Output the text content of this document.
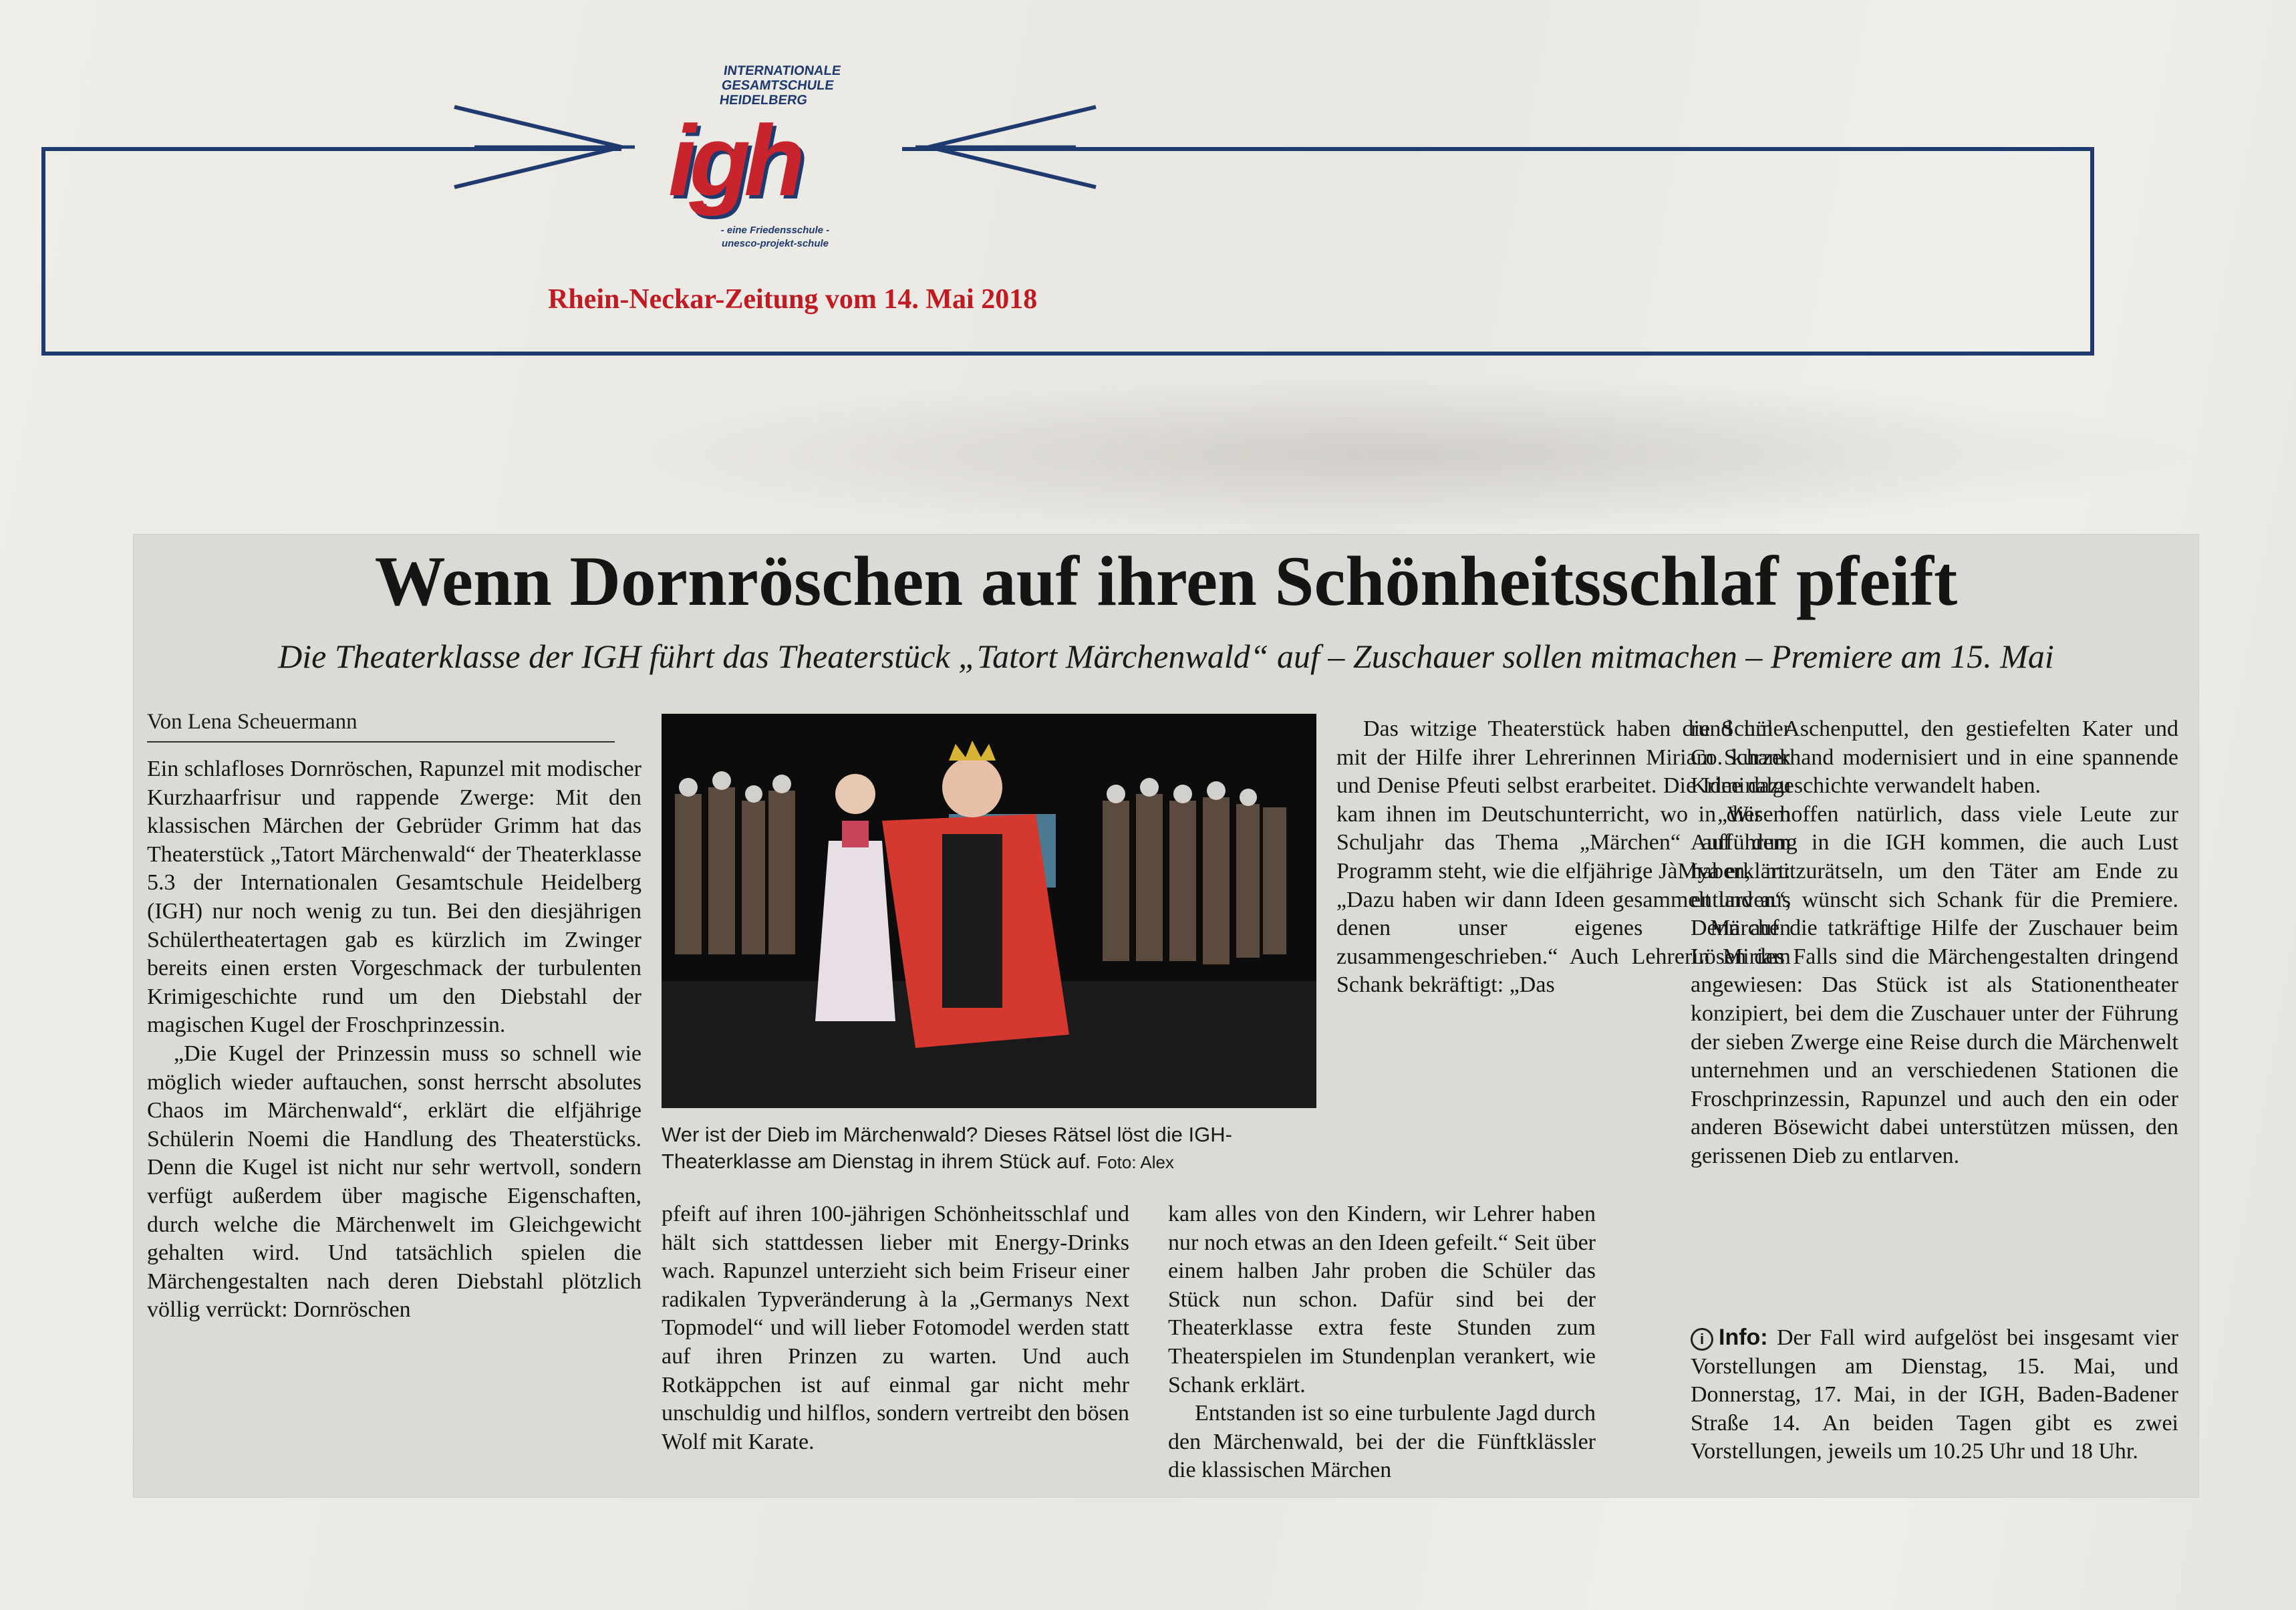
INTERNATIONALE GESAMTSCHULE HEIDELBERG
igh
- eine Friedensschule -
unesco-projekt-schule
Rhein-Neckar-Zeitung vom 14. Mai 2018
Wenn Dornröschen auf ihren Schönheitsschlaf pfeift
Die Theaterklasse der IGH führt das Theaterstück „Tatort Märchenwald“ auf – Zuschauer sollen mitmachen – Premiere am 15. Mai
Von Lena Scheuermann

Ein schlafloses Dornröschen, Rapunzel mit modischer Kurzhaarfrisur und rappende Zwerge: Mit den klassischen Märchen der Gebrüder Grimm hat das Theaterstück „Tatort Märchenwald“ der Theaterklasse 5.3 der Internationalen Gesamtschule Heidelberg (IGH) nur noch wenig zu tun. Bei den diesjährigen Schülertheatertagen gab es kürzlich im Zwinger bereits einen ersten Vorgeschmack der turbulenten Krimigeschichte rund um den Diebstahl der magischen Kugel der Froschprinzessin.

„Die Kugel der Prinzessin muss so schnell wie möglich wieder auftauchen, sonst herrscht absolutes Chaos im Märchenwald“, erklärt die elfjährige Schülerin Noemi die Handlung des Theaterstücks. Denn die Kugel ist nicht nur sehr wertvoll, sondern verfügt außerdem über magische Eigenschaften, durch welche die Märchenwelt im Gleichgewicht gehalten wird. Und tatsächlich spielen die Märchengestalten nach deren Diebstahl plötzlich völlig verrückt: Dornröschen

Wer ist der Dieb im Märchenwald? Dieses Rätsel löst die IGH-Theaterklasse am Dienstag in ihrem Stück auf. Foto: Alex

pfeift auf ihren 100-jährigen Schönheitsschlaf und hält sich stattdessen lieber mit Energy-Drinks wach. Rapunzel unterzieht sich beim Friseur einer radikalen Typveränderung à la „Germanys Next Topmodel“ und will lieber Fotomodel werden statt auf ihren Prinzen zu warten. Und auch Rotkäppchen ist auf einmal gar nicht mehr unschuldig und hilflos, sondern vertreibt den bösen Wolf mit Karate.

Das witzige Theaterstück haben die Schüler mit der Hilfe ihrer Lehrerinnen Miriam Schank und Denise Pfeuti selbst erarbeitet. Die Idee dazu kam ihnen im Deutschunterricht, wo in diesem Schuljahr das Thema „Märchen“ auf dem Programm steht, wie die elfjährige JàMya erklärt: „Dazu haben wir dann Ideen gesammelt und aus denen unser eigenes Märchen zusammengeschrieben.“ Auch Lehrerin Miriam Schank bekräftigt: „Das

kam alles von den Kindern, wir Lehrer haben nur noch etwas an den Ideen gefeilt.“ Seit über einem halben Jahr proben die Schüler das Stück nun schon. Dafür sind bei der Theaterklasse extra feste Stunden zum Theaterspielen im Stundenplan verankert, wie Schank erklärt.

Entstanden ist so eine turbulente Jagd durch den Märchenwald, bei der die Fünftklässler die klassischen Märchen

rund um Aschenputtel, den gestiefelten Kater und Co. kurzerhand modernisiert und in eine spannende Kriminalgeschichte verwandelt haben.

„Wir hoffen natürlich, dass viele Leute zur Aufführung in die IGH kommen, die auch Lust haben, mitzurätseln, um den Täter am Ende zu entlarven“, wünscht sich Schank für die Premiere. Denn auf die tatkräftige Hilfe der Zuschauer beim Lösen des Falls sind die Märchengestalten dringend angewiesen: Das Stück ist als Stationentheater konzipiert, bei dem die Zuschauer unter der Führung der sieben Zwerge eine Reise durch die Märchenwelt unternehmen und an verschiedenen Stationen die Froschprinzessin, Rapunzel und auch den ein oder anderen Bösewicht dabei unterstützen müssen, den gerissenen Dieb zu entlarven.

i Info: Der Fall wird aufgelöst bei insgesamt vier Vorstellungen am Dienstag, 15. Mai, und Donnerstag, 17. Mai, in der IGH, Baden-Badener Straße 14. An beiden Tagen gibt es zwei Vorstellungen, jeweils um 10.25 Uhr und 18 Uhr.
